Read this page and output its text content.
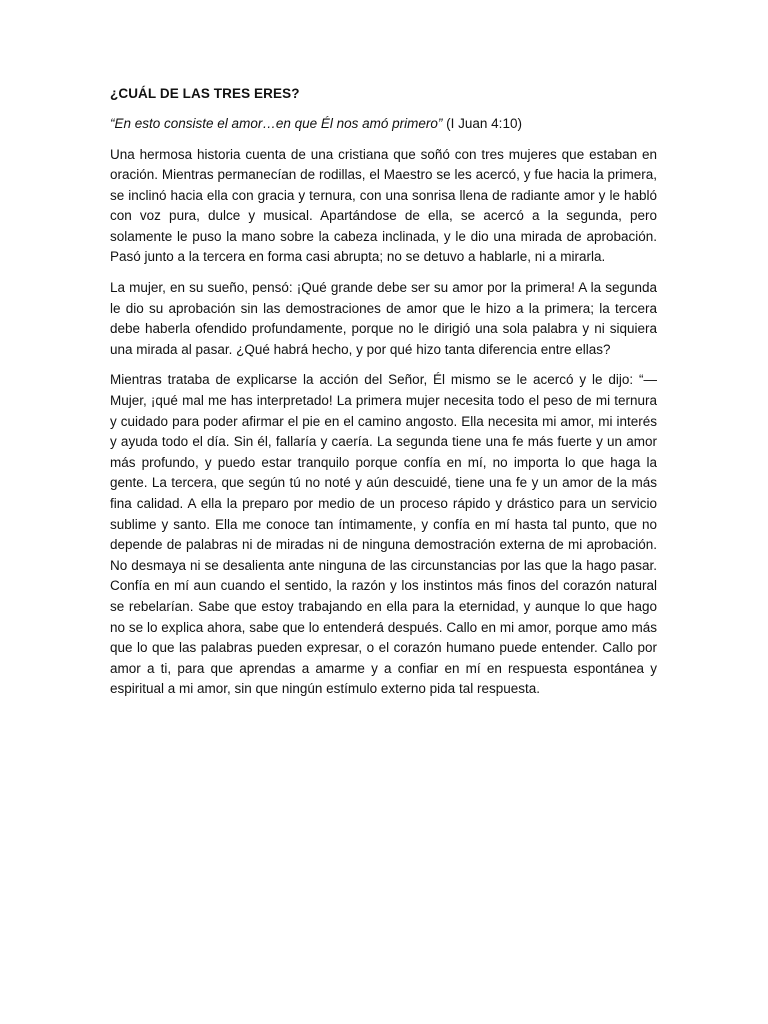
¿CUÁL DE LAS TRES ERES?

“En esto consiste el amor…en que Él nos amó primero” (I Juan 4:10)

Una hermosa historia cuenta de una cristiana que soñó con tres mujeres que estaban en oración. Mientras permanecían de rodillas, el Maestro se les acercó, y fue hacia la primera, se inclinó hacia ella con gracia y ternura, con una sonrisa llena de radiante amor y le habló con voz pura, dulce y musical. Apartándose de ella, se acercó a la segunda, pero solamente le puso la mano sobre la cabeza inclinada, y le dio una mirada de aprobación. Pasó junto a la tercera en forma casi abrupta; no se detuvo a hablarle, ni a mirarla.

La mujer, en su sueño, pensó: ¡Qué grande debe ser su amor por la primera! A la segunda le dio su aprobación sin las demostraciones de amor que le hizo a la primera; la tercera debe haberla ofendido profundamente, porque no le dirigió una sola palabra y ni siquiera una mirada al pasar. ¿Qué habrá hecho, y por qué hizo tanta diferencia entre ellas?

Mientras trataba de explicarse la acción del Señor, Él mismo se le acercó y le dijo: “— Mujer, ¡qué mal me has interpretado! La primera mujer necesita todo el peso de mi ternura y cuidado para poder afirmar el pie en el camino angosto. Ella necesita mi amor, mi interés y ayuda todo el día. Sin él, fallaría y caería. La segunda tiene una fe más fuerte y un amor más profundo, y puedo estar tranquilo porque confía en mí, no importa lo que haga la gente. La tercera, que según tú no noté y aún descuidé, tiene una fe y un amor de la más fina calidad. A ella la preparo por medio de un proceso rápido y drástico para un servicio sublime y santo. Ella me conoce tan íntimamente, y confía en mí hasta tal punto, que no depende de palabras ni de miradas ni de ninguna demostración externa de mi aprobación. No desmaya ni se desalienta ante ninguna de las circunstancias por las que la hago pasar. Confía en mí aun cuando el sentido, la razón y los instintos más finos del corazón natural se rebelarían. Sabe que estoy trabajando en ella para la eternidad, y aunque lo que hago no se lo explica ahora, sabe que lo entenderá después. Callo en mi amor, porque amo más que lo que las palabras pueden expresar, o el corazón humano puede entender. Callo por amor a ti, para que aprendas a amarme y a confiar en mí en respuesta espontánea y espiritual a mi amor, sin que ningún estímulo externo pida tal respuesta.
